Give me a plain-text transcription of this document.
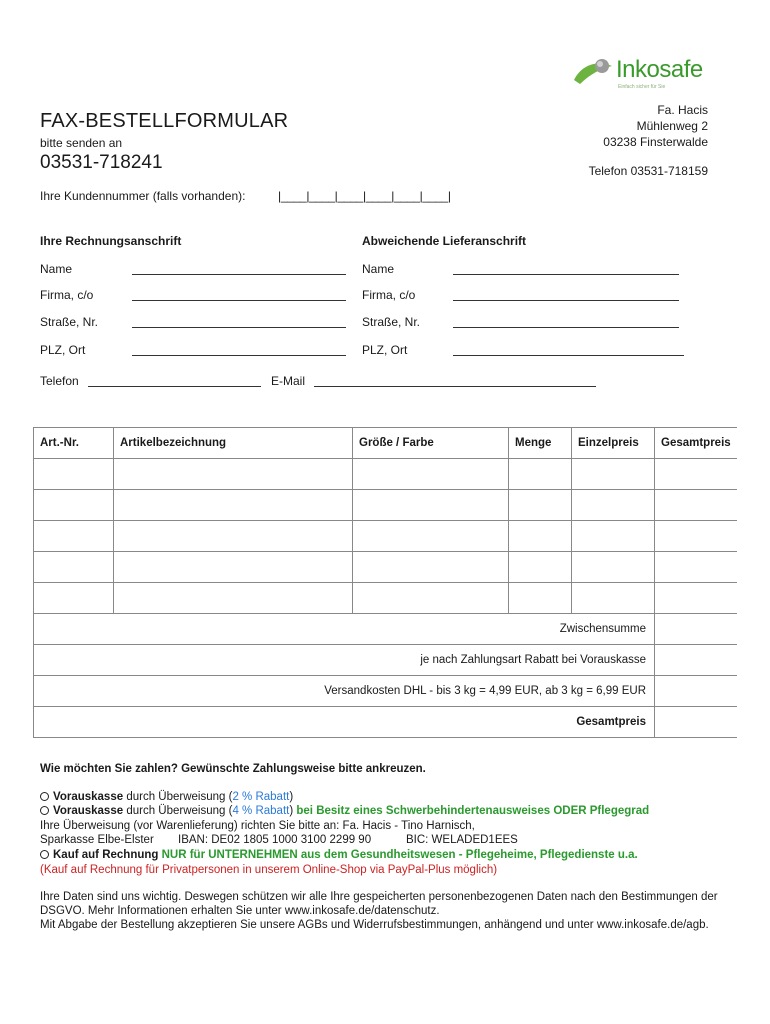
Inkosafe
Einfach sicher für Sie
FAX-BESTELLFORMULAR
bitte senden an
03531-718241
Fa. Hacis
Mühlenweg 2
03238 Finsterwalde
Telefon 03531-718159
Ihre Kundennummer (falls vorhanden):	|____|____|____|____|____|____|
Ihre Rechnungsanschrift	Abweichende Lieferanschrift
Name
Firma, c/o
Straße, Nr.
PLZ, Ort
Name
Firma, c/o
Straße, Nr.
PLZ, Ort
Telefon	E-Mail
Art.-Nr.	Artikelbezeichnung	Größe / Farbe	Menge	Einzelpreis	Gesamtpreis

Zwischensumme					
je nach Zahlungsart Rabatt bei Vorauskasse					
Versandkosten DHL - bis 3 kg = 4,99 EUR, ab 3 kg = 6,99 EUR					
Gesamtpreis					
Wie möchten Sie zahlen? Gewünschte Zahlungsweise bitte ankreuzen.
Vorauskasse durch Überweisung (2 % Rabatt)
Vorauskasse durch Überweisung (4 % Rabatt) bei Besitz eines Schwerbehindertenausweises ODER Pflegegrad
Ihre Überweisung (vor Warenlieferung) richten Sie bitte an: Fa. Hacis - Tino Harnisch,
Sparkasse Elbe-Elster IBAN: DE02 1805 1000 3100 2299 90	BIC: WELADED1EES
Kauf auf Rechnung NUR für UNTERNEHMEN aus dem Gesundheitswesen - Pflegeheime, Pflegedienste u.a.
(Kauf auf Rechnung für Privatpersonen in unserem Online-Shop via PayPal-Plus möglich)
Ihre Daten sind uns wichtig. Deswegen schützen wir alle Ihre gespeicherten personenbezogenen Daten nach den Bestimmungen der
DSGVO. Mehr Informationen erhalten Sie unter www.inkosafe.de/datenschutz.
Mit Abgabe der Bestellung akzeptieren Sie unsere AGBs und Widerrufsbestimmungen, anhängend und unter www.inkosafe.de/agb.
